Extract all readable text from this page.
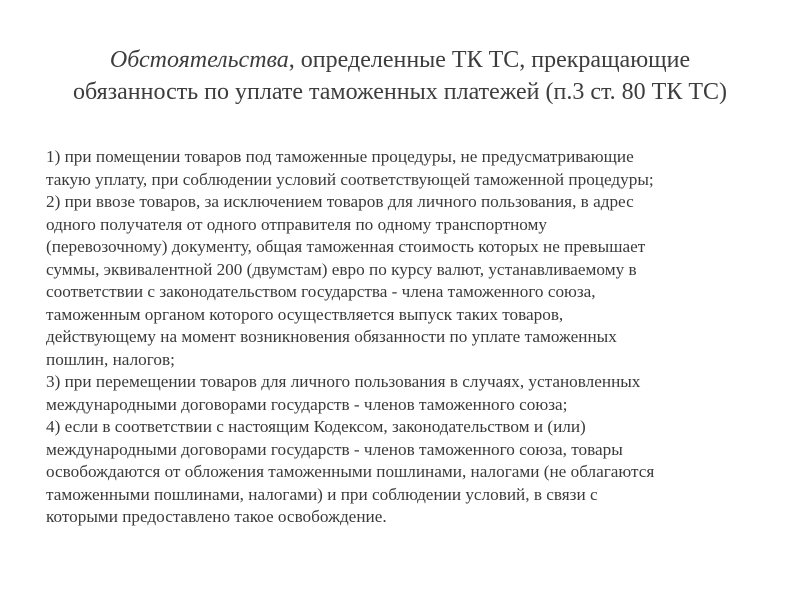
Обстоятельства, определенные ТК ТС, прекращающие
обязанность по уплате таможенных платежей (п.3 ст. 80 ТК ТС)

1) при помещении товаров под таможенные процедуры, не предусматривающие
такую уплату, при соблюдении условий соответствующей таможенной процедуры;

2) при ввозе товаров, за исключением товаров для личного пользования, в адрес
одного получателя от одного отправителя по одному транспортному
(перевозочному) документу, общая таможенная стоимость которых не превышает
суммы, эквивалентной 200 (двумстам) евро по курсу валют, устанавливаемому в
соответствии с законодательством государства - члена таможенного союза,
таможенным органом которого осуществляется выпуск таких товаров,
действующему на момент возникновения обязанности по уплате таможенных
пошлин, налогов;

3) при перемещении товаров для личного пользования в случаях, установленных
международными договорами государств - членов таможенного союза;

4) если в соответствии с настоящим Кодексом, законодательством и (или)
международными договорами государств - членов таможенного союза, товары
освобождаются от обложения таможенными пошлинами, налогами (не облагаются
таможенными пошлинами, налогами) и при соблюдении условий, в связи с
которыми предоставлено такое освобождение.
